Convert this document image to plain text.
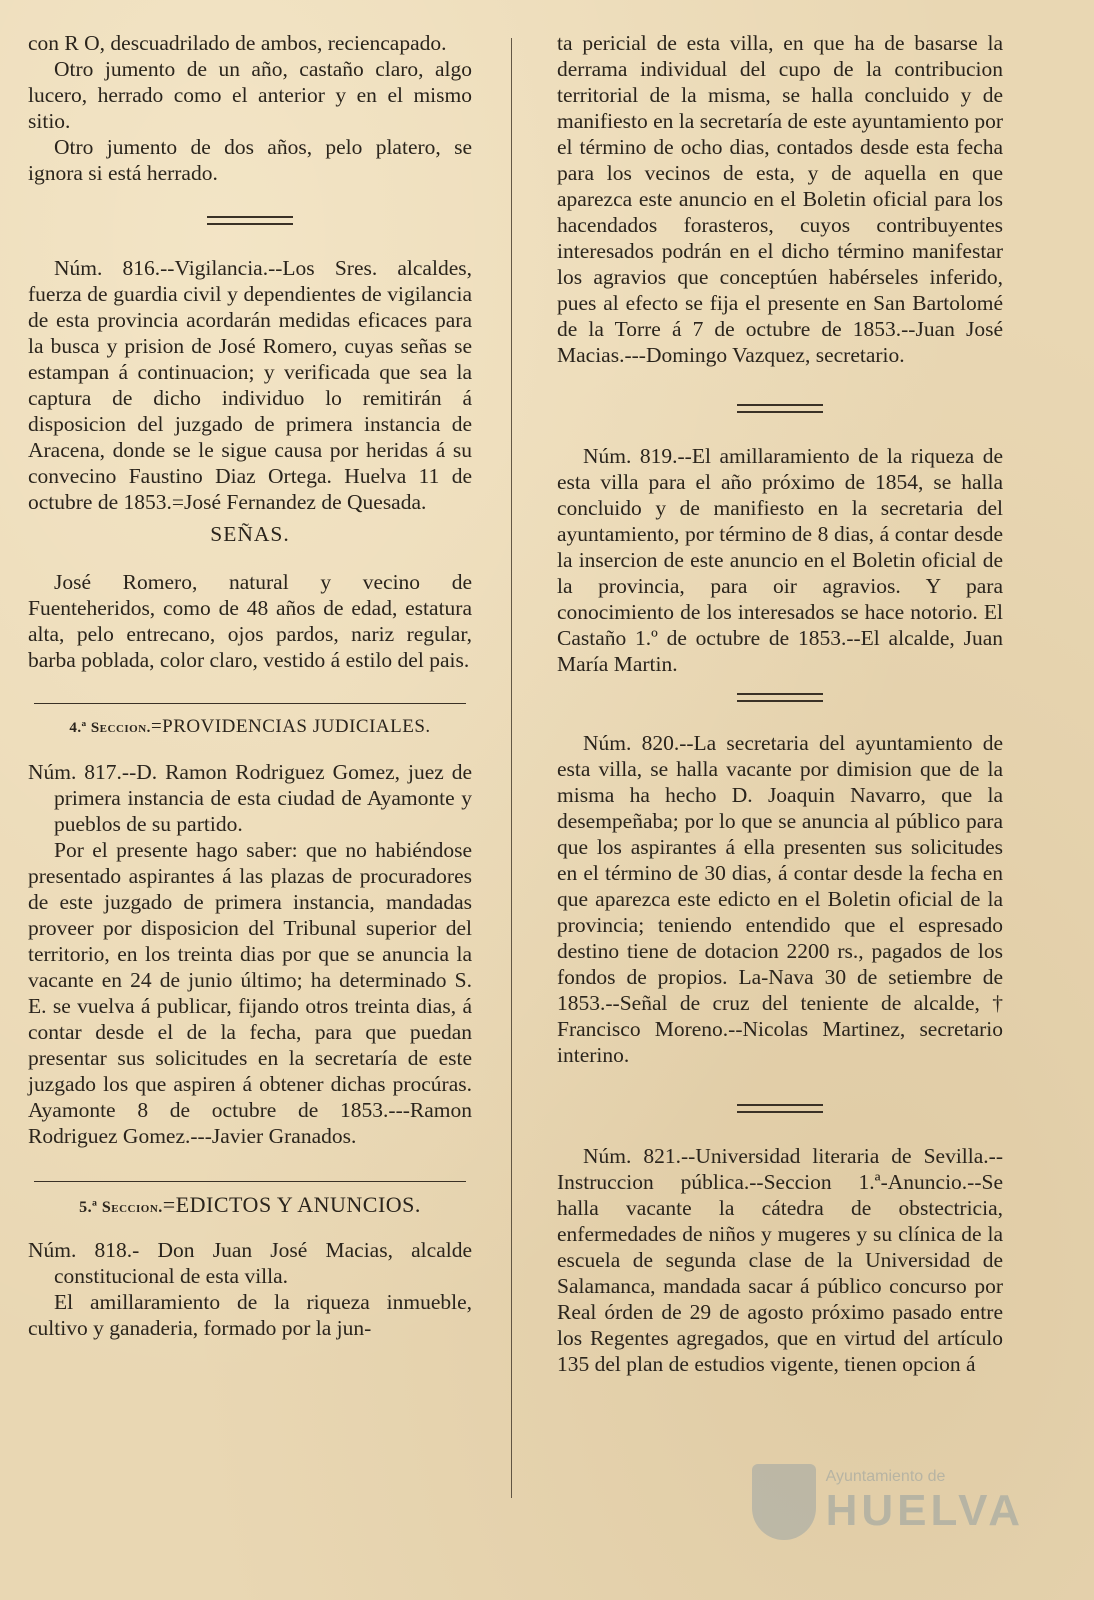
con R O, descuadrilado de ambos, reciencapado.

Otro jumento de un año, castaño claro, algo lucero, herrado como el anterior y en el mismo sitio.

Otro jumento de dos años, pelo platero, se ignora si está herrado.

Núm. 816.--Vigilancia.--Los Sres. alcaldes, fuerza de guardia civil y dependientes de vigilancia de esta provincia acordarán medidas eficaces para la busca y prision de José Romero, cuyas señas se estampan á continuacion; y verificada que sea la captura de dicho individuo lo remitirán á disposicion del juzgado de primera instancia de Aracena, donde se le sigue causa por heridas á su convecino Faustino Diaz Ortega. Huelva 11 de octubre de 1853.=José Fernandez de Quesada.

SEÑAS.

José Romero, natural y vecino de Fuenteheridos, como de 48 años de edad, estatura alta, pelo entrecano, ojos pardos, nariz regular, barba poblada, color claro, vestido á estilo del pais.

4.ª Seccion.=PROVIDENCIAS JUDICIALES.

Núm. 817.--D. Ramon Rodriguez Gomez, juez de primera instancia de esta ciudad de Ayamonte y pueblos de su partido.

Por el presente hago saber: que no habiéndose presentado aspirantes á las plazas de procuradores de este juzgado de primera instancia, mandadas proveer por disposicion del Tribunal superior del territorio, en los treinta dias por que se anuncia la vacante en 24 de junio último; ha determinado S. E. se vuelva á publicar, fijando otros treinta dias, á contar desde el de la fecha, para que puedan presentar sus solicitudes en la secretaría de este juzgado los que aspiren á obtener dichas procúras. Ayamonte 8 de octubre de 1853.---Ramon Rodriguez Gomez.---Javier Granados.

5.ª Seccion.=EDICTOS Y ANUNCIOS.

Núm. 818.- Don Juan José Macias, alcalde constitucional de esta villa.

El amillaramiento de la riqueza inmueble, cultivo y ganaderia, formado por la jun-

ta pericial de esta villa, en que ha de basarse la derrama individual del cupo de la contribucion territorial de la misma, se halla concluido y de manifiesto en la secretaría de este ayuntamiento por el término de ocho dias, contados desde esta fecha para los vecinos de esta, y de aquella en que aparezca este anuncio en el Boletin oficial para los hacendados forasteros, cuyos contribuyentes interesados podrán en el dicho término manifestar los agravios que conceptúen habérseles inferido, pues al efecto se fija el presente en San Bartolomé de la Torre á 7 de octubre de 1853.--Juan José Macias.---Domingo Vazquez, secretario.

Núm. 819.--El amillaramiento de la riqueza de esta villa para el año próximo de 1854, se halla concluido y de manifiesto en la secretaria del ayuntamiento, por término de 8 dias, á contar desde la insercion de este anuncio en el Boletin oficial de la provincia, para oir agravios. Y para conocimiento de los interesados se hace notorio. El Castaño 1.º de octubre de 1853.--El alcalde, Juan María Martin.

Núm. 820.--La secretaria del ayuntamiento de esta villa, se halla vacante por dimision que de la misma ha hecho D. Joaquin Navarro, que la desempeñaba; por lo que se anuncia al público para que los aspirantes á ella presenten sus solicitudes en el término de 30 dias, á contar desde la fecha en que aparezca este edicto en el Boletin oficial de la provincia; teniendo entendido que el espresado destino tiene de dotacion 2200 rs., pagados de los fondos de propios. La-Nava 30 de setiembre de 1853.--Señal de cruz del teniente de alcalde, † Francisco Moreno.--Nicolas Martinez, secretario interino.

Núm. 821.--Universidad literaria de Sevilla.--Instruccion pública.--Seccion 1.ª-Anuncio.--Se halla vacante la cátedra de obstectricia, enfermedades de niños y mugeres y su clínica de la escuela de segunda clase de la Universidad de Salamanca, mandada sacar á público concurso por Real órden de 29 de agosto próximo pasado entre los Regentes agregados, que en virtud del artículo 135 del plan de estudios vigente, tienen opcion á

Ayuntamiento de
HUELVA
